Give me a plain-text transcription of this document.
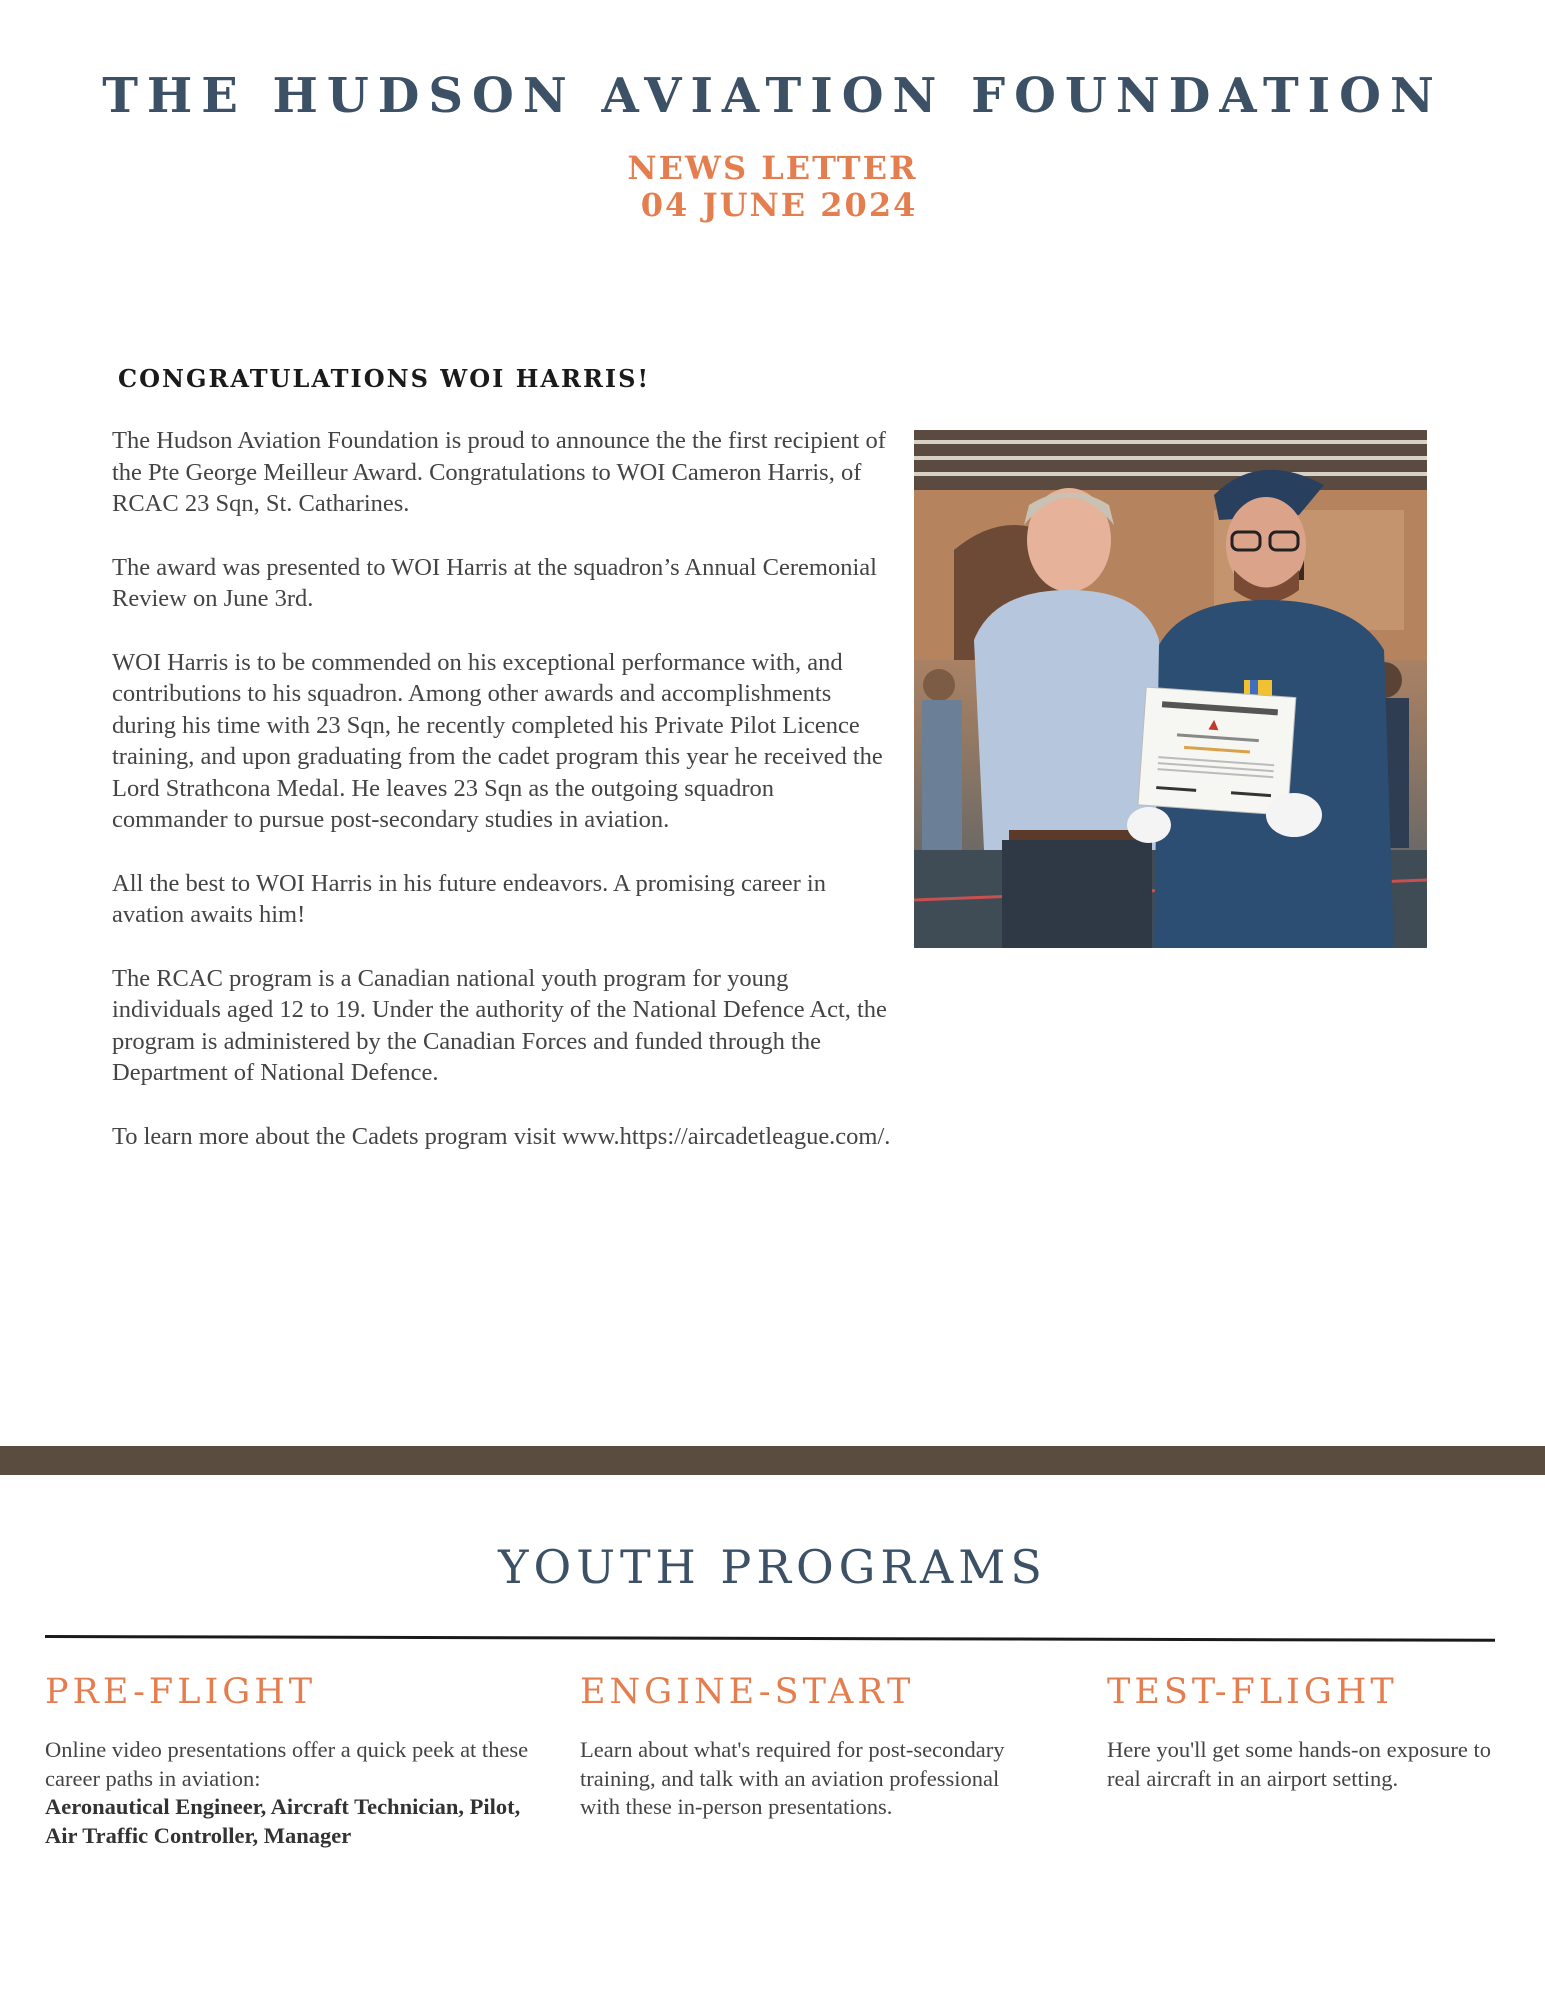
THE HUDSON AVIATION FOUNDATION
NEWS LETTER
04 JUNE 2024
CONGRATULATIONS WOI HARRIS!

The Hudson Aviation Foundation is proud to announce the the first recipient of the Pte George Meilleur Award. Congratulations to WOI Cameron Harris, of RCAC 23 Sqn, St. Catharines.

The award was presented to WOI Harris at the squadron’s Annual Ceremonial Review on June 3rd.

WOI Harris is to be commended on his exceptional performance with, and contributions to his squadron. Among other awards and accomplishments during his time with 23 Sqn, he recently completed his Private Pilot Licence training, and upon graduating from the cadet program this year he received the Lord Strathcona Medal. He leaves 23 Sqn as the outgoing squadron commander to pursue post-secondary studies in aviation.

All the best to WOI Harris in his future endeavors. A promising career in avation awaits him!

The RCAC program is a Canadian national youth program for young individuals aged 12 to 19. Under the authority of the National Defence Act, the program is administered by the Canadian Forces and funded through the Department of National Defence.

To learn more about the Cadets program visit www.https://aircadetleague.com/.

YOUTH PROGRAMS
PRE-FLIGHT

Online video presentations offer a quick peek at these career paths in aviation:
Aeronautical Engineer, Aircraft Technician, Pilot, Air Traffic Controller, Manager

ENGINE-START

Learn about what's required for post-secondary training, and talk with an aviation professional with these in-person presentations.

TEST-FLIGHT

Here you'll get some hands-on exposure to real aircraft in an airport setting.
